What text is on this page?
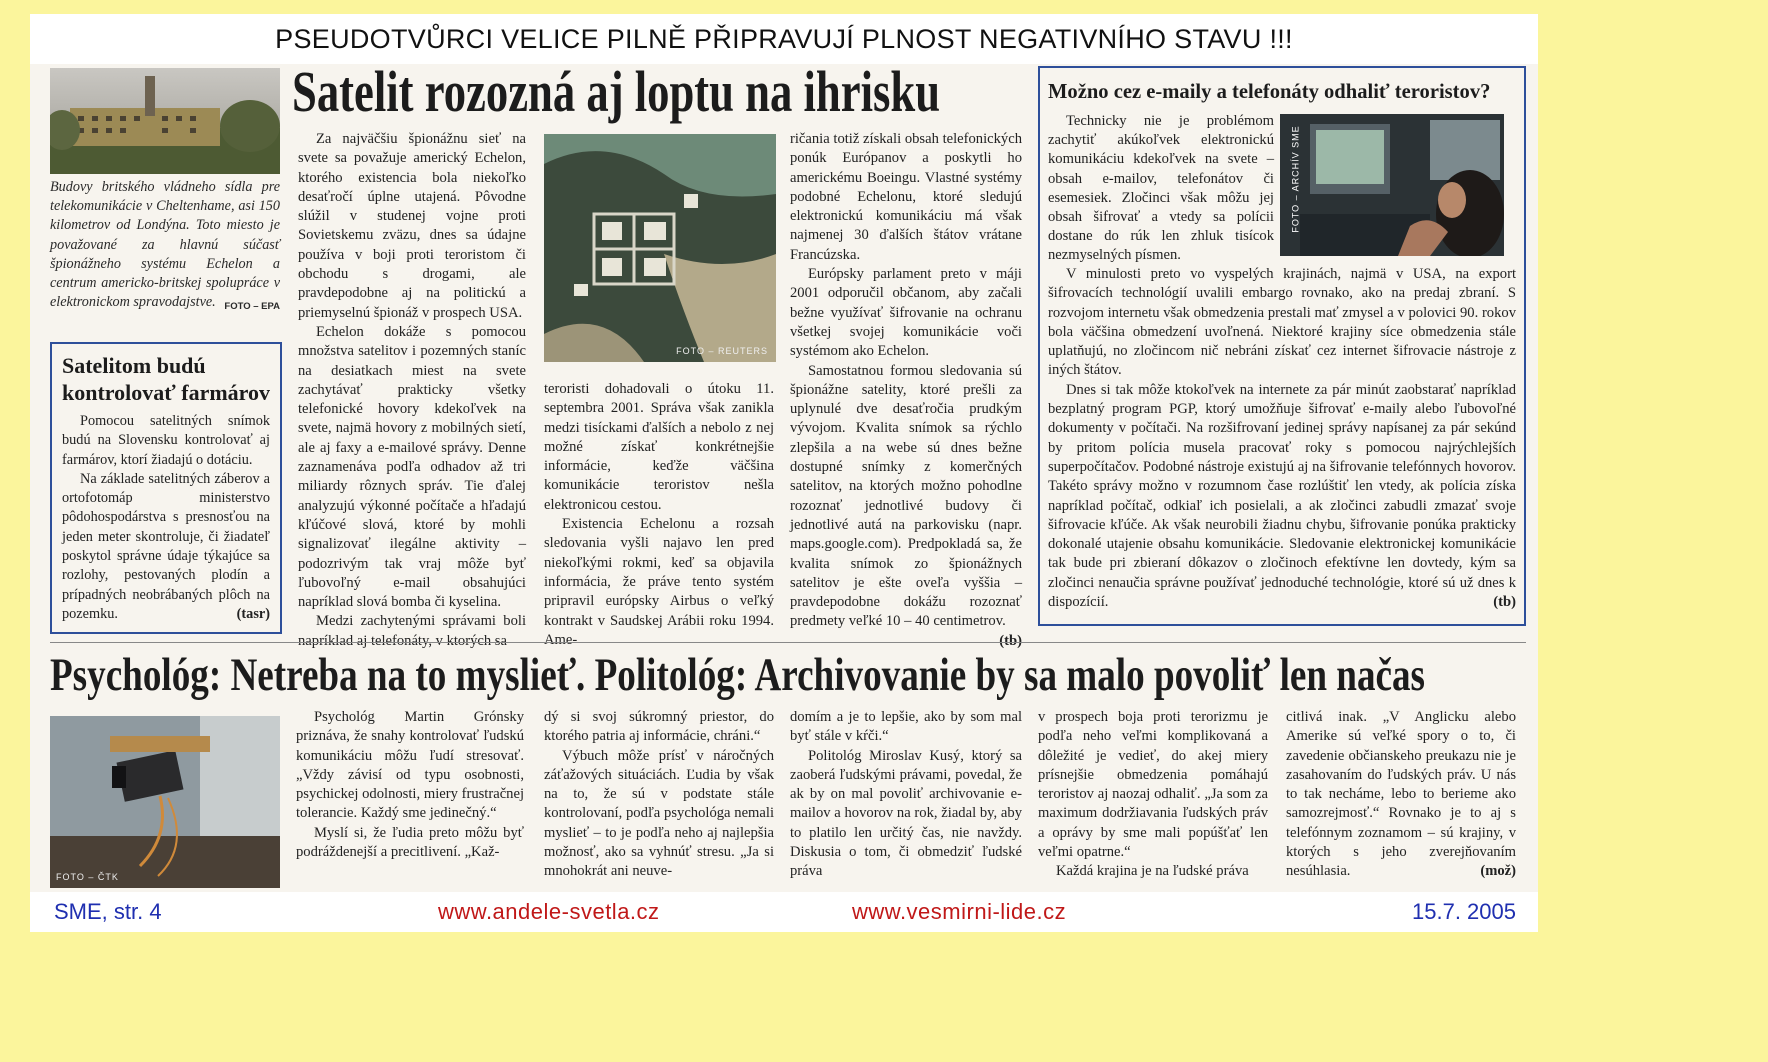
PSEUDOTVŮRCI VELICE PILNĚ PŘIPRAVUJÍ PLNOST NEGATIVNÍHO STAVU !!!
Budovy britského vládneho sídla pre telekomunikácie v Cheltenhame, asi 150 kilometrov od Londýna. Toto miesto je považované za hlavnú súčasť špionážneho systému Echelon a centrum americko-britskej spolupráce v elektronickom spravodajstve. FOTO – EPA
Satelitom budú
kontrolovať farmárov

Pomocou satelitných snímok budú na Slovensku kontrolovať aj farmárov, ktorí žiadajú o dotáciu.

Na základe satelitných záberov a ortofotomáp ministerstvo pôdohospodárstva s presnosťou na jeden meter skontroluje, či žiadateľ poskytol správne údaje týkajúce sa rozlohy, pestovaných plodín a prípadných neobrábaných plôch na pozemku.	(tasr)

Satelit rozozná aj loptu na ihrisku

Za najväčšiu špionážnu sieť na svete sa považuje americký Echelon, ktorého existencia bola niekoľko desaťročí úplne utajená. Pôvodne slúžil v studenej vojne proti Sovietskemu zväzu, dnes sa údajne používa v boji proti teroristom či obchodu s drogami, ale pravdepodobne aj na politickú a priemyselnú špionáž v prospech USA.

Echelon dokáže s pomocou množstva satelitov i pozemných staníc na desiatkach miest na svete zachytávať prakticky všetky telefonické hovory kdekoľvek na svete, najmä hovory z mobilných sietí, ale aj faxy a e-mailové správy. Denne zaznamenáva podľa odhadov až tri miliardy rôznych správ. Tie ďalej analyzujú výkonné počítače a hľadajú kľúčové slová, ktoré by mohli signalizovať ilegálne aktivity – podozrivým tak vraj môže byť ľubovoľný e-mail obsahujúci napríklad slová bomba či kyselina.

Medzi zachytenými správami boli napríklad aj telefonáty, v ktorých sa

FOTO – REUTERS

teroristi dohadovali o útoku 11. septembra 2001. Správa však zanikla medzi tisíckami ďalších a nebolo z nej možné získať konkrétnejšie informácie, keďže väčšina komunikácie teroristov nešla elektronicou cestou.

Existencia Echelonu a rozsah sledovania vyšli najavo len pred niekoľkými rokmi, keď sa objavila informácia, že práve tento systém pripravil európsky Airbus o veľký kontrakt v Saudskej Arábii roku 1994. Ame-

ričania totiž získali obsah telefonických ponúk Európanov a poskytli ho americkému Boeingu. Vlastné systémy podobné Echelonu, ktoré sledujú elektronickú komunikáciu má však najmenej 30 ďalších štátov vrátane Francúzska.

Európsky parlament preto v máji 2001 odporučil občanom, aby začali bežne využívať šifrovanie na ochranu všetkej svojej komunikácie voči systémom ako Echelon.

Samostatnou formou sledovania sú špionážne satelity, ktoré prešli za uplynulé dve desaťročia prudkým vývojom. Kvalita snímok sa rýchlo zlepšila a na webe sú dnes bežne dostupné snímky z komerčných satelitov, na ktorých možno pohodlne rozoznať jednotlivé budovy či jednotlivé autá na parkovisku (napr. maps.google.com). Predpokladá sa, že kvalita snímok zo špionážnych satelitov je ešte oveľa vyššia – pravdepodobne dokážu rozoznať predmety veľké 10 – 40 centimetrov.
(tb)

Možno cez e-maily a telefonáty odhaliť teroristov?
FOTO – ARCHÍV SME

Technicky nie je problémom zachytiť akúkoľvek elektronickú komunikáciu kdekoľvek na svete – obsah e-mailov, telefonátov či esemesiek. Zločinci však môžu jej obsah šifrovať a vtedy sa polícii dostane do rúk len zhluk tisícok nezmyselných písmen.

V minulosti preto vo vyspelých krajinách, najmä v USA, na export šifrovacích technológií uvalili embargo rovnako, ako na predaj zbraní. S rozvojom internetu však obmedzenia prestali mať zmysel a v polovici 90. rokov bola väčšina obmedzení uvoľnená. Niektoré krajiny síce obmedzenia stále uplatňujú, no zločincom nič nebráni získať cez internet šifrovacie nástroje z iných štátov.

Dnes si tak môže ktokoľvek na internete za pár minút zaobstarať napríklad bezplatný program PGP, ktorý umožňuje šifrovať e-maily alebo ľubovoľné dokumenty v počítači. Na rozšifrovaní jedinej správy napísanej za pár sekúnd by pritom polícia musela pracovať roky s pomocou najrýchlejších superpočítačov. Podobné nástroje existujú aj na šifrovanie telefónnych hovorov. Takéto správy možno v rozumnom čase rozlúštiť len vtedy, ak polícia získa napríklad počítač, odkiaľ ich posielali, a ak zločinci zabudli zmazať svoje šifrovacie kľúče. Ak však neurobili žiadnu chybu, šifrovanie ponúka prakticky dokonalé utajenie obsahu komunikácie. Sledovanie elektronickej komunikácie tak bude pri zbieraní dôkazov o zločinoch efektívne len dovtedy, kým sa zločinci nenaučia správne používať jednoduché technológie, ktoré sú už dnes k dispozícií.	(tb)

Psychológ: Netreba na to myslieť. Politológ: Archivovanie by sa malo povoliť len načas
FOTO – ČTK

Psychológ Martin Grónsky priznáva, že snahy kontrolovať ľudskú komunikáciu môžu ľudí stresovať. „Vždy závisí od typu osobnosti, psychickej odolnosti, miery frustračnej tolerancie. Každý sme jedinečný.“

Myslí si, že ľudia preto môžu byť podráždenejší a precitlivení. „Kaž-

dý si svoj súkromný priestor, do ktorého patria aj informácie, chráni.“

Výbuch môže prísť v náročných záťažových situáciách. Ľudia by však na to, že sú v podstate stále kontrolovaní, podľa psychológa nemali myslieť – to je podľa neho aj najlepšia možnosť, ako sa vyhnúť stresu. „Ja si mnohokrát ani neuve-

domím a je to lepšie, ako by som mal byť stále v kŕči.“

Politológ Miroslav Kusý, ktorý sa zaoberá ľudskými právami, povedal, že ak by on mal povoliť archivovanie e-mailov a hovorov na rok, žiadal by, aby to platilo len určitý čas, nie navždy. Diskusia o tom, či obmedziť ľudské práva

v prospech boja proti terorizmu je podľa neho veľmi komplikovaná a dôležité je vedieť, do akej miery prísnejšie obmedzenia pomáhajú teroristov aj naozaj odhaliť. „Ja som za maximum dodržiavania ľudských práv a oprávy by sme mali popúšťať len veľmi opatrne.“

Každá krajina je na ľudské práva

citlivá inak. „V Anglicku alebo Amerike sú veľké spory o to, či zavedenie občianskeho preukazu nie je zasahovaním do ľudských práv. U nás to tak necháme, lebo to berieme ako samozrejmosť.“ Rovnako je to aj s telefónnym zoznamom – sú krajiny, v ktorých s jeho zverejňovaním nesúhlasia.	(mož)

SME, str. 4	www.andele-svetla.cz	www.vesmirni-lide.cz	15.7. 2005
